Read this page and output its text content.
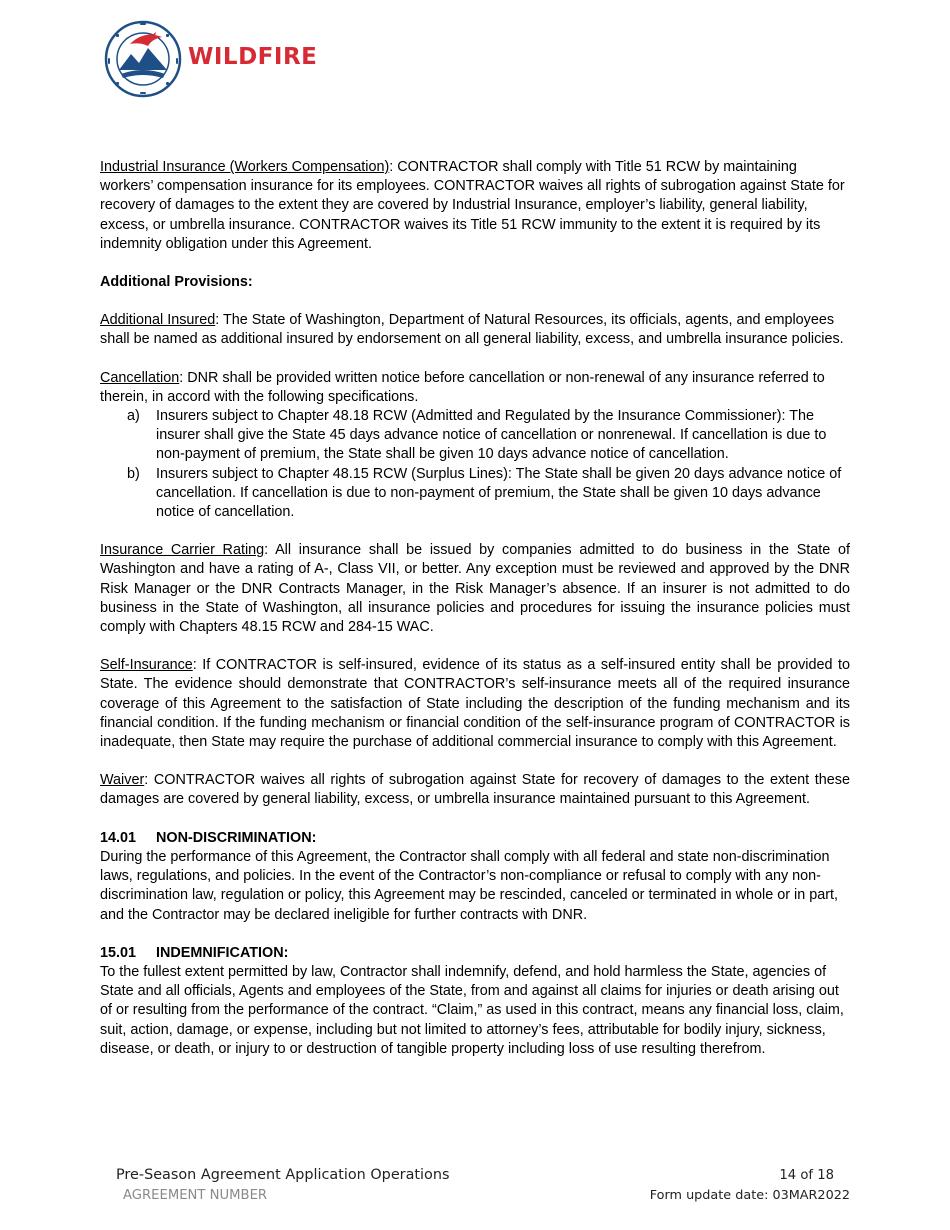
WILDFIRE

Industrial Insurance (Workers Compensation): CONTRACTOR shall comply with Title 51 RCW by maintaining workers’ compensation insurance for its employees. CONTRACTOR waives all rights of subrogation against State for recovery of damages to the extent they are covered by Industrial Insurance, employer’s liability, general liability, excess, or umbrella insurance. CONTRACTOR waives its Title 51 RCW immunity to the extent it is required by its indemnity obligation under this Agreement.

Additional Provisions:

Additional Insured: The State of Washington, Department of Natural Resources, its officials, agents, and employees shall be named as additional insured by endorsement on all general liability, excess, and umbrella insurance policies.

Cancellation: DNR shall be provided written notice before cancellation or non-renewal of any insurance referred to therein, in accord with the following specifications.

a) Insurers subject to Chapter 48.18 RCW (Admitted and Regulated by the Insurance Commissioner): The insurer shall give the State 45 days advance notice of cancellation or nonrenewal. If cancellation is due to non-payment of premium, the State shall be given 10 days advance notice of cancellation.
b) Insurers subject to Chapter 48.15 RCW (Surplus Lines): The State shall be given 20 days advance notice of cancellation. If cancellation is due to non-payment of premium, the State shall be given 10 days advance notice of cancellation.

Insurance Carrier Rating: All insurance shall be issued by companies admitted to do business in the State of Washington and have a rating of A-, Class VII, or better. Any exception must be reviewed and approved by the DNR Risk Manager or the DNR Contracts Manager, in the Risk Manager’s absence. If an insurer is not admitted to do business in the State of Washington, all insurance policies and procedures for issuing the insurance policies must comply with Chapters 48.15 RCW and 284-15 WAC.

Self-Insurance: If CONTRACTOR is self-insured, evidence of its status as a self-insured entity shall be provided to State. The evidence should demonstrate that CONTRACTOR’s self-insurance meets all of the required insurance coverage of this Agreement to the satisfaction of State including the description of the funding mechanism and its financial condition. If the funding mechanism or financial condition of the self-insurance program of CONTRACTOR is inadequate, then State may require the purchase of additional commercial insurance to comply with this Agreement.

Waiver: CONTRACTOR waives all rights of subrogation against State for recovery of damages to the extent these damages are covered by general liability, excess, or umbrella insurance maintained pursuant to this Agreement.

14.01 NON-DISCRIMINATION:

During the performance of this Agreement, the Contractor shall comply with all federal and state non-discrimination laws, regulations, and policies. In the event of the Contractor’s non-compliance or refusal to comply with any non-discrimination law, regulation or policy, this Agreement may be rescinded, canceled or terminated in whole or in part, and the Contractor may be declared ineligible for further contracts with DNR.

15.01 INDEMNIFICATION:

To the fullest extent permitted by law, Contractor shall indemnify, defend, and hold harmless the State, agencies of State and all officials, Agents and employees of the State, from and against all claims for injuries or death arising out of or resulting from the performance of the contract. “Claim,” as used in this contract, means any financial loss, claim, suit, action, damage, or expense, including but not limited to attorney’s fees, attributable for bodily injury, sickness, disease, or death, or injury to or destruction of tangible property including loss of use resulting therefrom.

Pre-Season Agreement Application Operations	14 of 18
AGREEMENT NUMBER	Form update date: 03MAR2022
